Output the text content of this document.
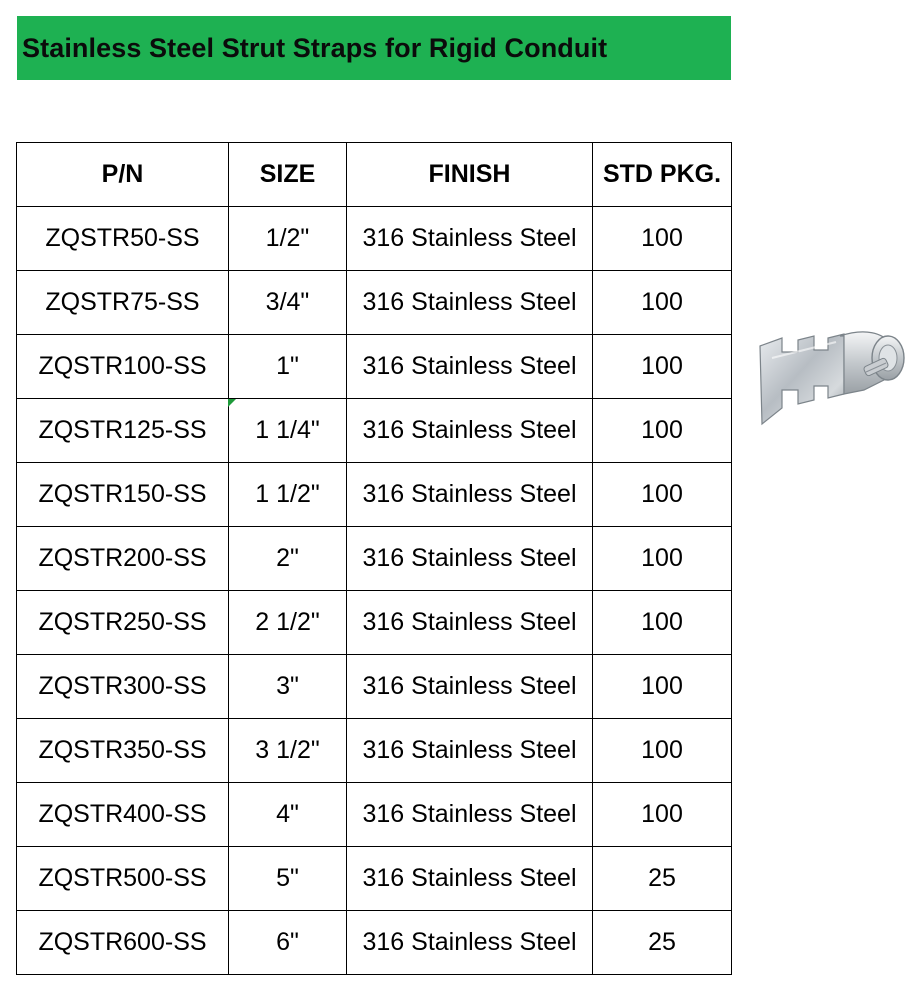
Stainless Steel Strut Straps for Rigid Conduit
P/N	SIZE	FINISH	STD PKG.
ZQSTR50-SS	1/2"	316 Stainless Steel	100
ZQSTR75-SS	3/4"	316 Stainless Steel	100
ZQSTR100-SS	1"	316 Stainless Steel	100
ZQSTR125-SS	1 1/4"	316 Stainless Steel	100
ZQSTR150-SS	1 1/2"	316 Stainless Steel	100
ZQSTR200-SS	2"	316 Stainless Steel	100
ZQSTR250-SS	2 1/2"	316 Stainless Steel	100
ZQSTR300-SS	3"	316 Stainless Steel	100
ZQSTR350-SS	3 1/2"	316 Stainless Steel	100
ZQSTR400-SS	4"	316 Stainless Steel	100
ZQSTR500-SS	5"	316 Stainless Steel	25
ZQSTR600-SS	6"	316 Stainless Steel	25
